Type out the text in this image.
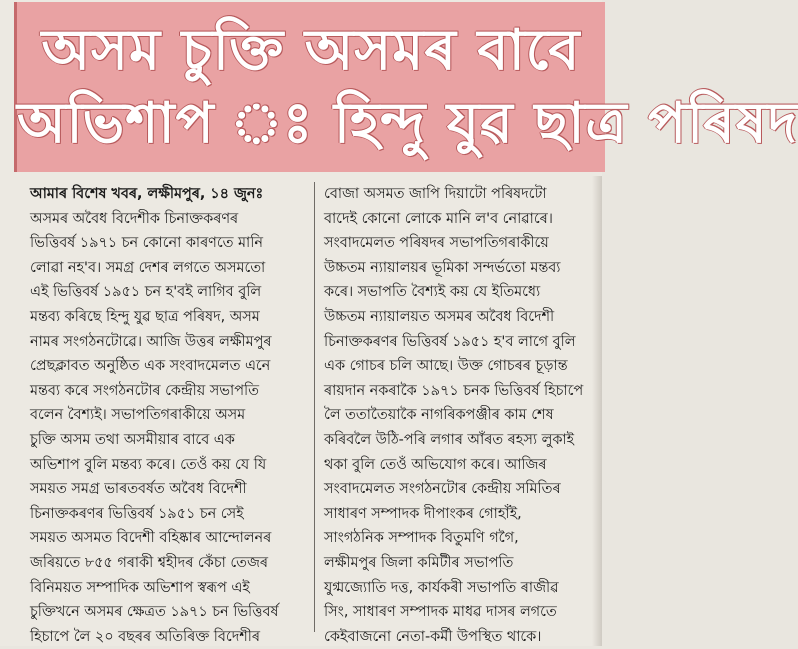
অসম চুক্তি অসমৰ বাবে
অভিশাপ ঃ হিন্দু যুৱ ছাত্ৰ পৰিষদ
আমাৰ বিশেষ খবৰ, লক্ষীমপুৰ, ১৪ জুনঃ
অসমৰ অবৈধ বিদেশীক চিনাক্তকৰণৰ
ভিত্তিবৰ্ষ ১৯৭১ চন কোনো কাৰণতে মানি
লোৱা নহ'ব। সমগ্ৰ দেশৰ লগতে অসমতো
এই ভিত্তিবৰ্ষ ১৯৫১ চন হ'বই লাগিব বুলি
মন্তব্য কৰিছে হিন্দু যুৱ ছাত্ৰ পৰিষদ, অসম
নামৰ সংগঠনটোৱে। আজি উত্তৰ লক্ষীমপুৰ
প্ৰেছক্লাবত অনুষ্ঠিত এক সংবাদমেলত এনে
মন্তব্য কৰে সংগঠনটোৰ কেন্দ্ৰীয় সভাপতি
বলেন বৈশ্যই। সভাপতিগৰাকীয়ে অসম
চুক্তি অসম তথা অসমীয়াৰ বাবে এক
অভিশাপ বুলি মন্তব্য কৰে। তেওঁ কয় যে যি
সময়ত সমগ্ৰ ভাৰতবৰ্ষত অবৈধ বিদেশী
চিনাক্তকৰণৰ ভিত্তিবৰ্ষ ১৯৫১ চন সেই
সময়ত অসমত বিদেশী বহিষ্কাৰ আন্দোলনৰ
জৰিয়তে ৮৫৫ গৰাকী শ্বহীদৰ কেঁচা তেজৰ
বিনিময়ত সম্পাদিক অভিশাপ স্বৰূপ এই
চুক্তিখনে অসমৰ ক্ষেত্ৰত ১৯৭১ চন ভিত্তিবৰ্ষ
হিচাপে লৈ ২০ বছৰৰ অতিৰিক্ত বিদেশীৰ
বোজা অসমত জাপি দিয়াটো পৰিষদটো
বাদেই কোনো লোকে মানি ল'ব নোৱাৰে।
সংবাদমেলত পৰিষদৰ সভাপতিগৰাকীয়ে
উচ্চতম ন্যায়ালয়ৰ ভূমিকা সন্দৰ্ভতো মন্তব্য
কৰে। সভাপতি বৈশ্যই কয় যে ইতিমধ্যে
উচ্চতম ন্যায়ালয়ত অসমৰ অবৈধ বিদেশী
চিনাক্তকৰণৰ ভিত্তিবৰ্ষ ১৯৫১ হ'ব লাগে বুলি
এক গোচৰ চলি আছে। উক্ত গোচৰৰ চূড়ান্ত
ৰায়দান নকৰাকৈ ১৯৭১ চনক ভিত্তিবৰ্ষ হিচাপে
লৈ ততাতৈয়াকৈ নাগৰিকপঞ্জীৰ কাম শেষ
কৰিবলৈ উঠি-পৰি লগাৰ আঁৰত ৰহস্য লুকাই
থকা বুলি তেওঁ অভিযোগ কৰে। আজিৰ
সংবাদমেলত সংগঠনটোৰ কেন্দ্ৰীয় সমিতিৰ
সাধাৰণ সম্পাদক দীপাংকৰ গোহাঁই,
সাংগঠনিক সম্পাদক বিতুমণি গগৈ,
লক্ষীমপুৰ জিলা কমিটীৰ সভাপতি
যুগ্মজ্যোতি দত্ত, কাৰ্যকৰী সভাপতি ৰাজীৱ
সিং, সাধাৰণ সম্পাদক মাধৱ দাসৰ লগতে
কেইবাজনো নেতা-কৰ্মী উপস্থিত থাকে।
